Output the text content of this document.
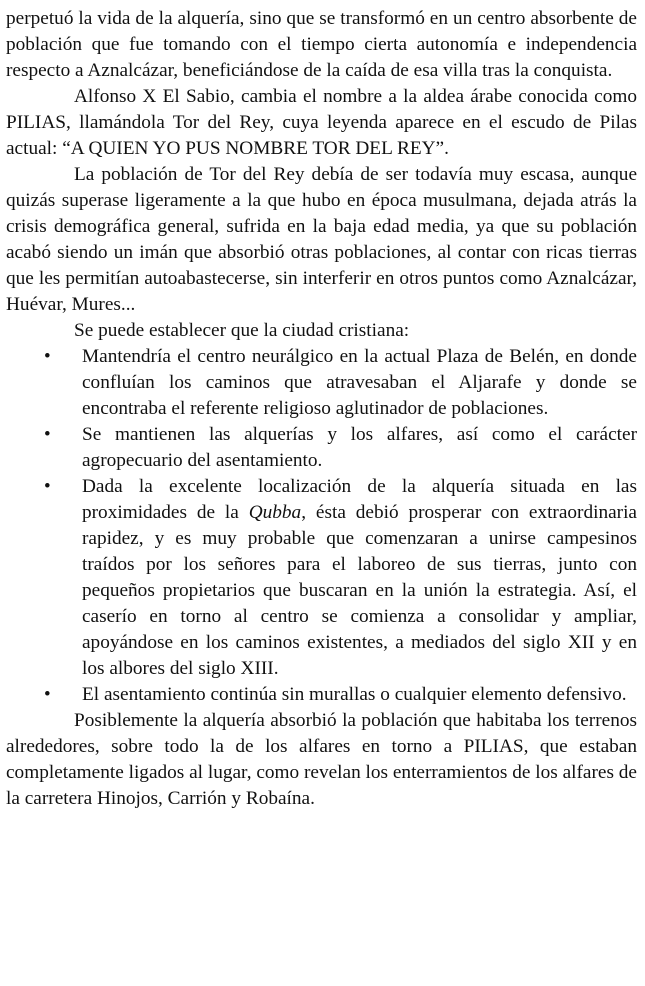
perpetuó la vida de la alquería, sino que se transformó en un centro absorbente de población que fue tomando con el tiempo cierta autonomía e independencia respecto a Aznalcázar, beneficiándose de la caída de esa villa tras la conquista.

Alfonso X El Sabio, cambia el nombre a la aldea árabe conocida como PILIAS, llamándola Tor del Rey, cuya leyenda aparece en el escudo de Pilas actual: “A QUIEN YO PUS NOMBRE TOR DEL REY”.

La población de Tor del Rey debía de ser todavía muy escasa, aunque quizás superase ligeramente a la que hubo en época musulmana, dejada atrás la crisis demográfica general, sufrida en la baja edad media, ya que su población acabó siendo un imán que absorbió otras poblaciones, al contar con ricas tierras que les permitían autoabastecerse, sin interferir en otros puntos como Aznalcázar, Huévar, Mures...

Se puede establecer que la ciudad cristiana:

• Mantendría el centro neurálgico en la actual Plaza de Belén, en donde confluían los caminos que atravesaban el Aljarafe y donde se encontraba el referente religioso aglutinador de poblaciones.
• Se mantienen las alquerías y los alfares, así como el carácter agropecuario del asentamiento.
• Dada la excelente localización de la alquería situada en las proximidades de la Qubba, ésta debió prosperar con extraordinaria rapidez, y es muy probable que comenzaran a unirse campesinos traídos por los señores para el laboreo de sus tierras, junto con pequeños propietarios que buscaran en la unión la estrategia. Así, el caserío en torno al centro se comienza a consolidar y ampliar, apoyándose en los caminos existentes, a mediados del siglo XII y en los albores del siglo XIII.
• El asentamiento continúa sin murallas o cualquier elemento defensivo.

Posiblemente la alquería absorbió la población que habitaba los terrenos alrededores, sobre todo la de los alfares en torno a PILIAS, que estaban completamente ligados al lugar, como revelan los enterramientos de los alfares de la carretera Hinojos, Carrión y Robaína.
